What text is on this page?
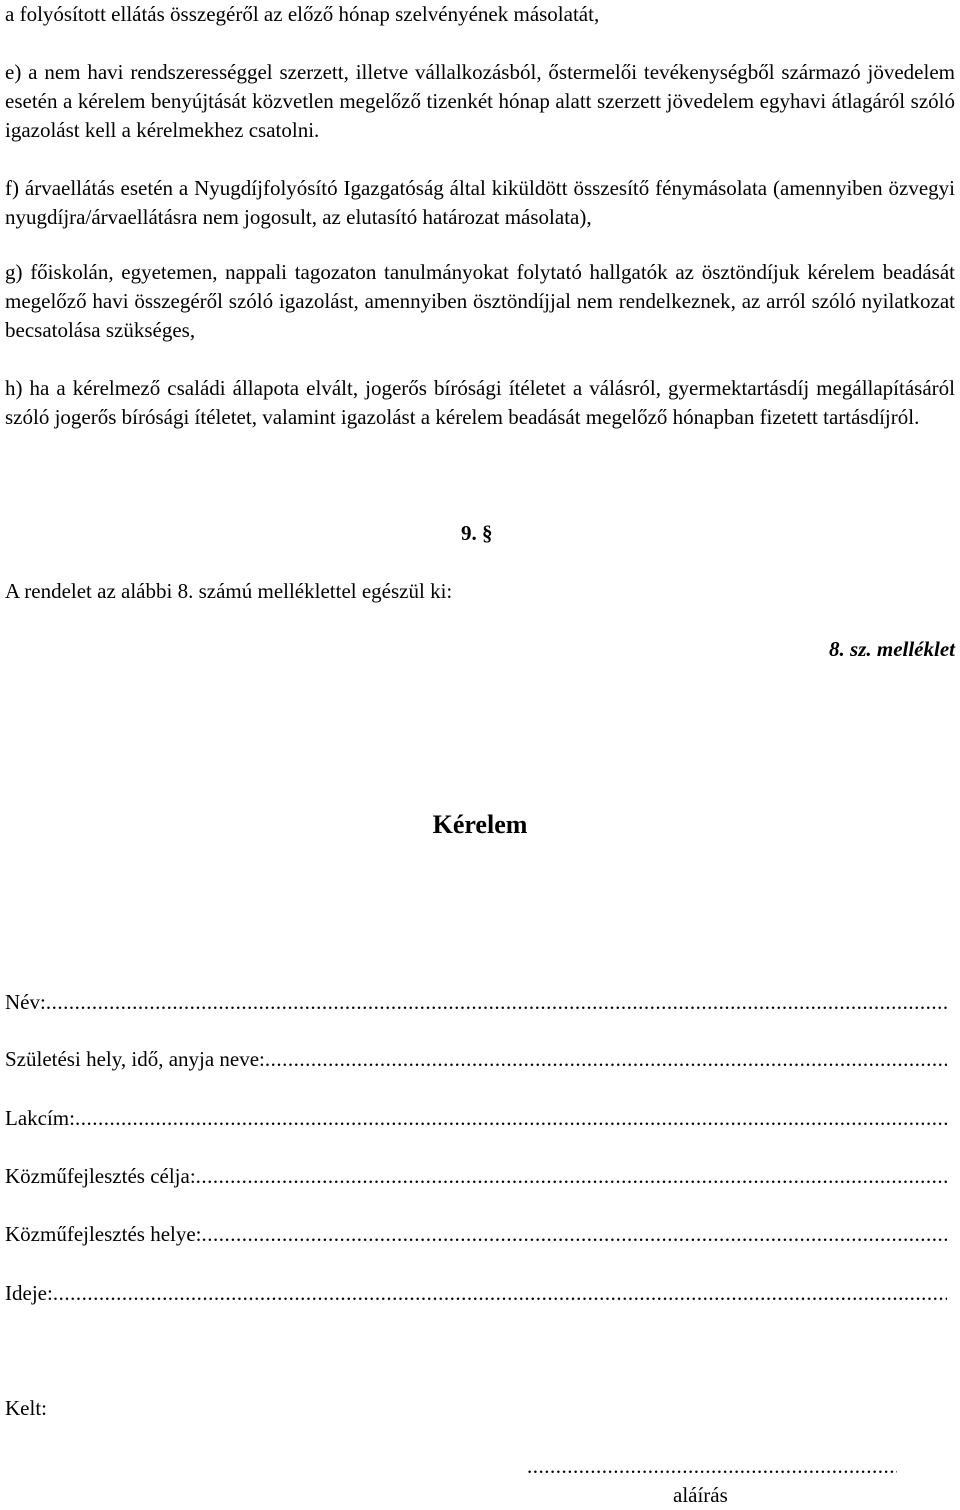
a folyósított ellátás összegéről az előző hónap szelvényének másolatát,

e) a nem havi rendszerességgel szerzett, illetve vállalkozásból, őstermelői tevékenységből származó jövedelem esetén a kérelem benyújtását közvetlen megelőző tizenkét hónap alatt szerzett jövedelem egyhavi átlagáról szóló igazolást kell a kérelmekhez csatolni.

f) árvaellátás esetén a Nyugdíjfolyósító Igazgatóság által kiküldött összesítő fénymásolata (amennyiben özvegyi nyugdíjra/árvaellátásra nem jogosult, az elutasító határozat másolata),

g) főiskolán, egyetemen, nappali tagozaton tanulmányokat folytató hallgatók az ösztöndíjuk kérelem beadását megelőző havi összegéről szóló igazolást, amennyiben ösztöndíjjal nem rendelkeznek, az arról szóló nyilatkozat becsatolása szükséges,

h) ha a kérelmező családi állapota elvált, jogerős bírósági ítéletet a válásról, gyermektartásdíj megállapításáról szóló jogerős bírósági ítéletet, valamint igazolást a kérelem beadását megelőző hónapban fizetett tartásdíjról.

9. §
A rendelet az alábbi 8. számú melléklettel egészül ki:
8. sz. melléklet
Kérelem
Név:
.....
Születési hely, idő, anyja neve:
.....
Lakcím:
.....
Közműfejlesztés célja:
.....
Közműfejlesztés helye:
.....
Ideje:
.....
Kelt:
.....
aláírás
